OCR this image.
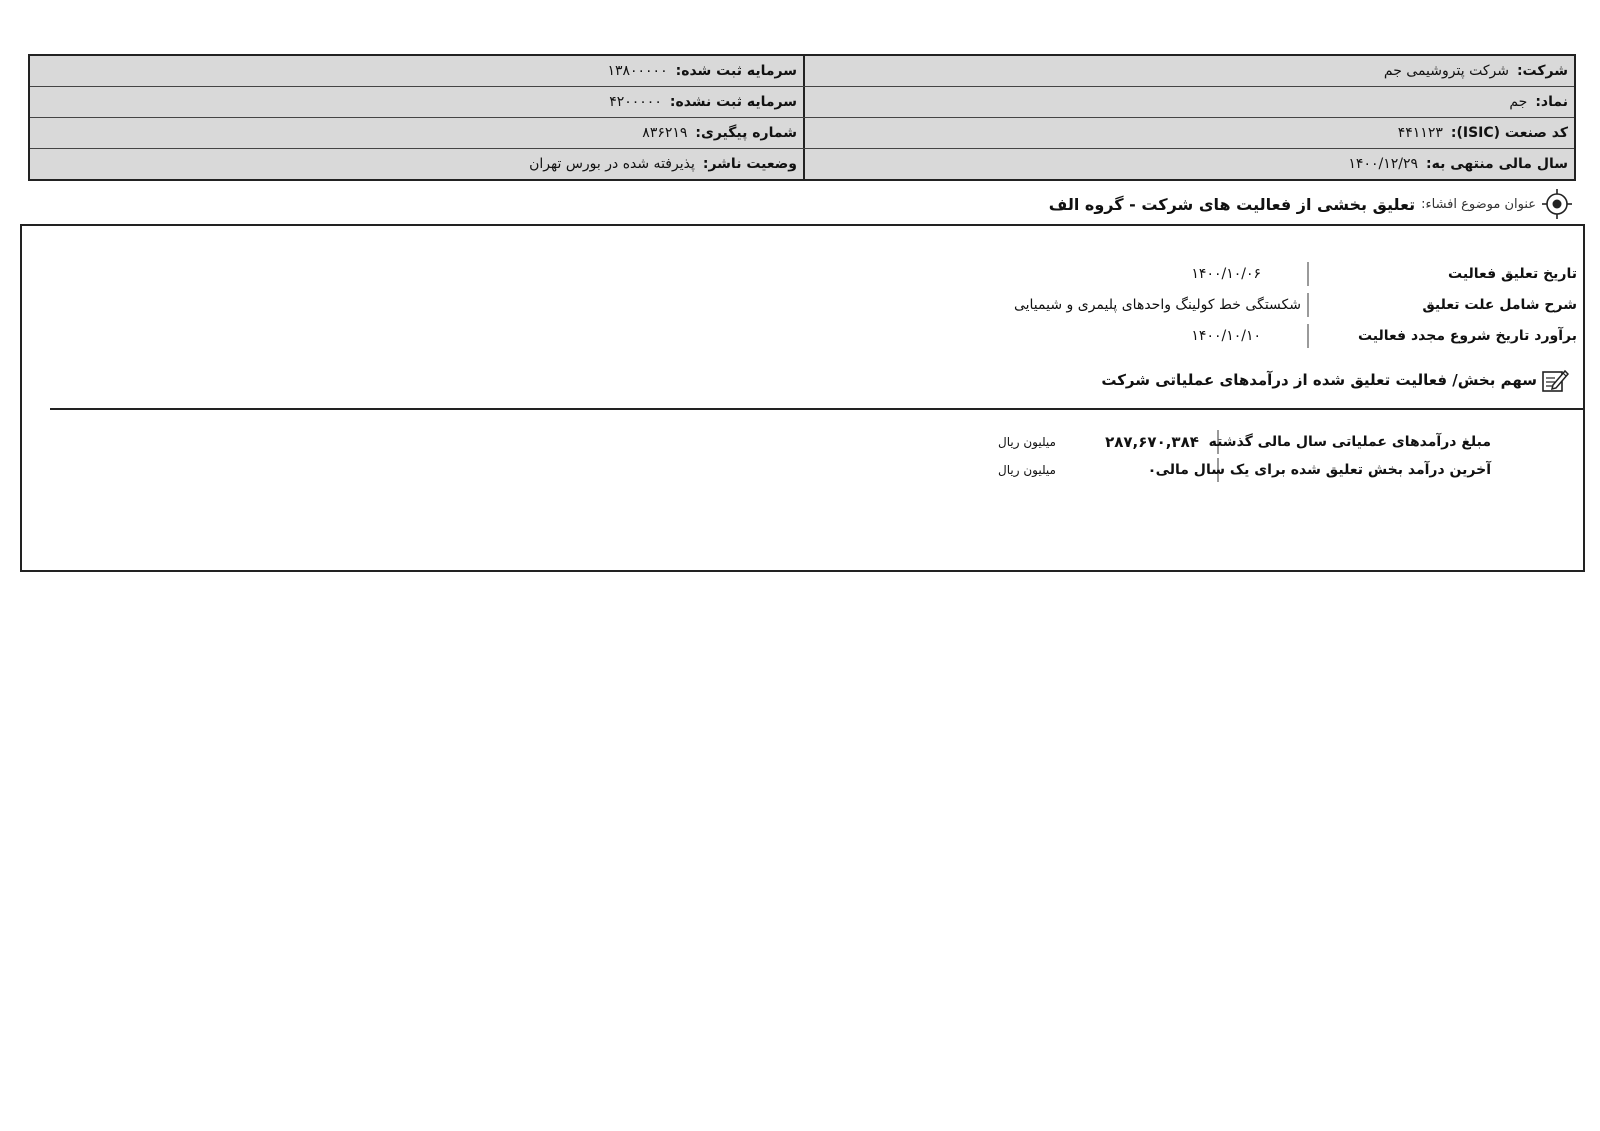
شرکت:
شرکت پتروشیمی جم
سرمایه ثبت شده:
۱۳۸۰۰۰۰۰
نماد:
جم
سرمایه ثبت نشده:
۴۲۰۰۰۰۰
کد صنعت (ISIC):
۴۴۱۱۲۳
شماره پیگیری:
۸۳۶۲۱۹
سال مالی منتهی به:
۱۴۰۰/۱۲/۲۹
وضعیت ناشر:
پذیرفته شده در بورس تهران
عنوان موضوع افشاء:
تعلیق بخشی از فعالیت های شرکت - گروه الف
تاریخ تعلیق فعالیت
۱۴۰۰/۱۰/۰۶
شرح شامل علت تعلیق
شکستگی خط کولینگ واحدهای پلیمری و شیمیایی
برآورد تاریخ شروع مجدد فعالیت
۱۴۰۰/۱۰/۱۰
سهم بخش/ فعالیت تعلیق شده از درآمدهای عملیاتی شرکت
مبلغ درآمدهای عملیاتی سال مالی گذشته
۲۸۷,۶۷۰,۳۸۴
میلیون ریال
آخرین درآمد بخش تعلیق شده برای یک سال مالی
۰
میلیون ریال
